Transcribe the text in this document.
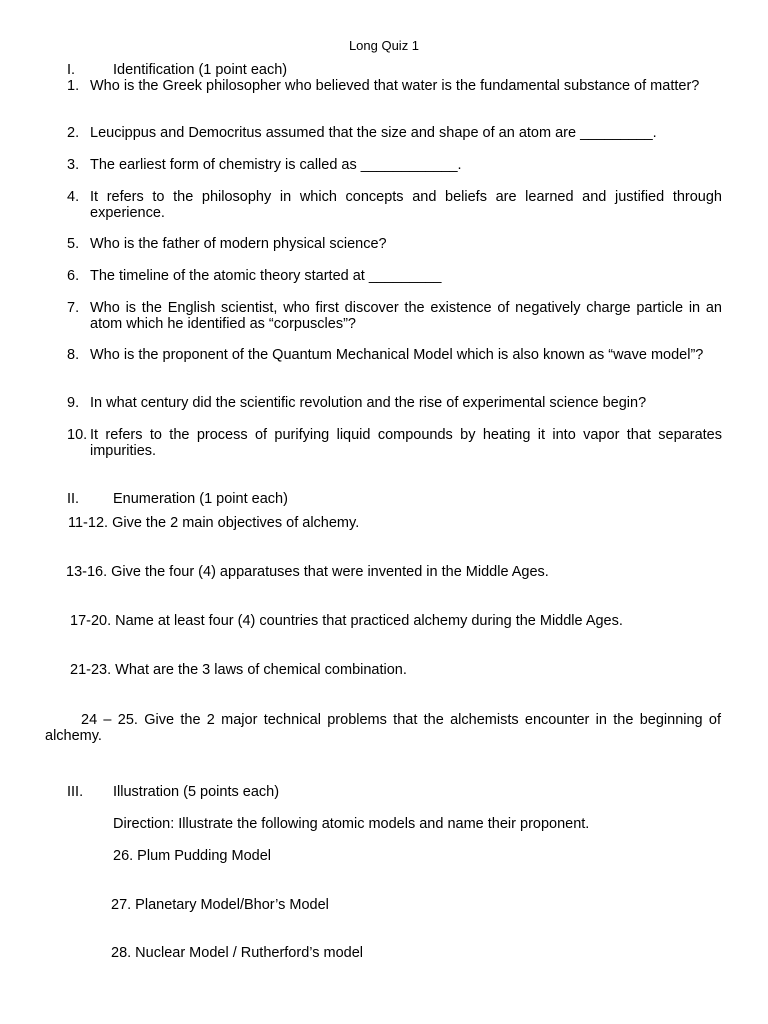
Long Quiz 1
I.	Identification (1 point each)
1. Who is the Greek philosopher who believed that water is the fundamental substance of matter?
2. Leucippus and Democritus assumed that the size and shape of an atom are _________.
3. The earliest form of chemistry is called as ____________.
4. It refers to the philosophy in which concepts and beliefs are learned and justified through experience.
5. Who is the father of modern physical science?
6. The timeline of the atomic theory started at _________
7. Who is the English scientist, who first discover the existence of negatively charge particle in an atom which he identified as “corpuscles”?
8. Who is the proponent of the Quantum Mechanical Model which is also known as “wave model”?
9. In what century did the scientific revolution and the rise of experimental science begin?
10. It refers to the process of purifying liquid compounds by heating it into vapor that separates impurities.
II. Enumeration (1 point each)
11-12. Give the 2 main objectives of alchemy.
13-16. Give the four (4) apparatuses that were invented in the Middle Ages.
17-20. Name at least four (4) countries that practiced alchemy during the Middle Ages.
21-23. What are the 3 laws of chemical combination.
24 – 25. Give the 2 major technical problems that the alchemists encounter in the beginning of
alchemy.
III. Illustration (5 points each)
Direction: Illustrate the following atomic models and name their proponent.
26. Plum Pudding Model
27. Planetary Model/Bhor’s Model
28. Nuclear Model / Rutherford’s model
